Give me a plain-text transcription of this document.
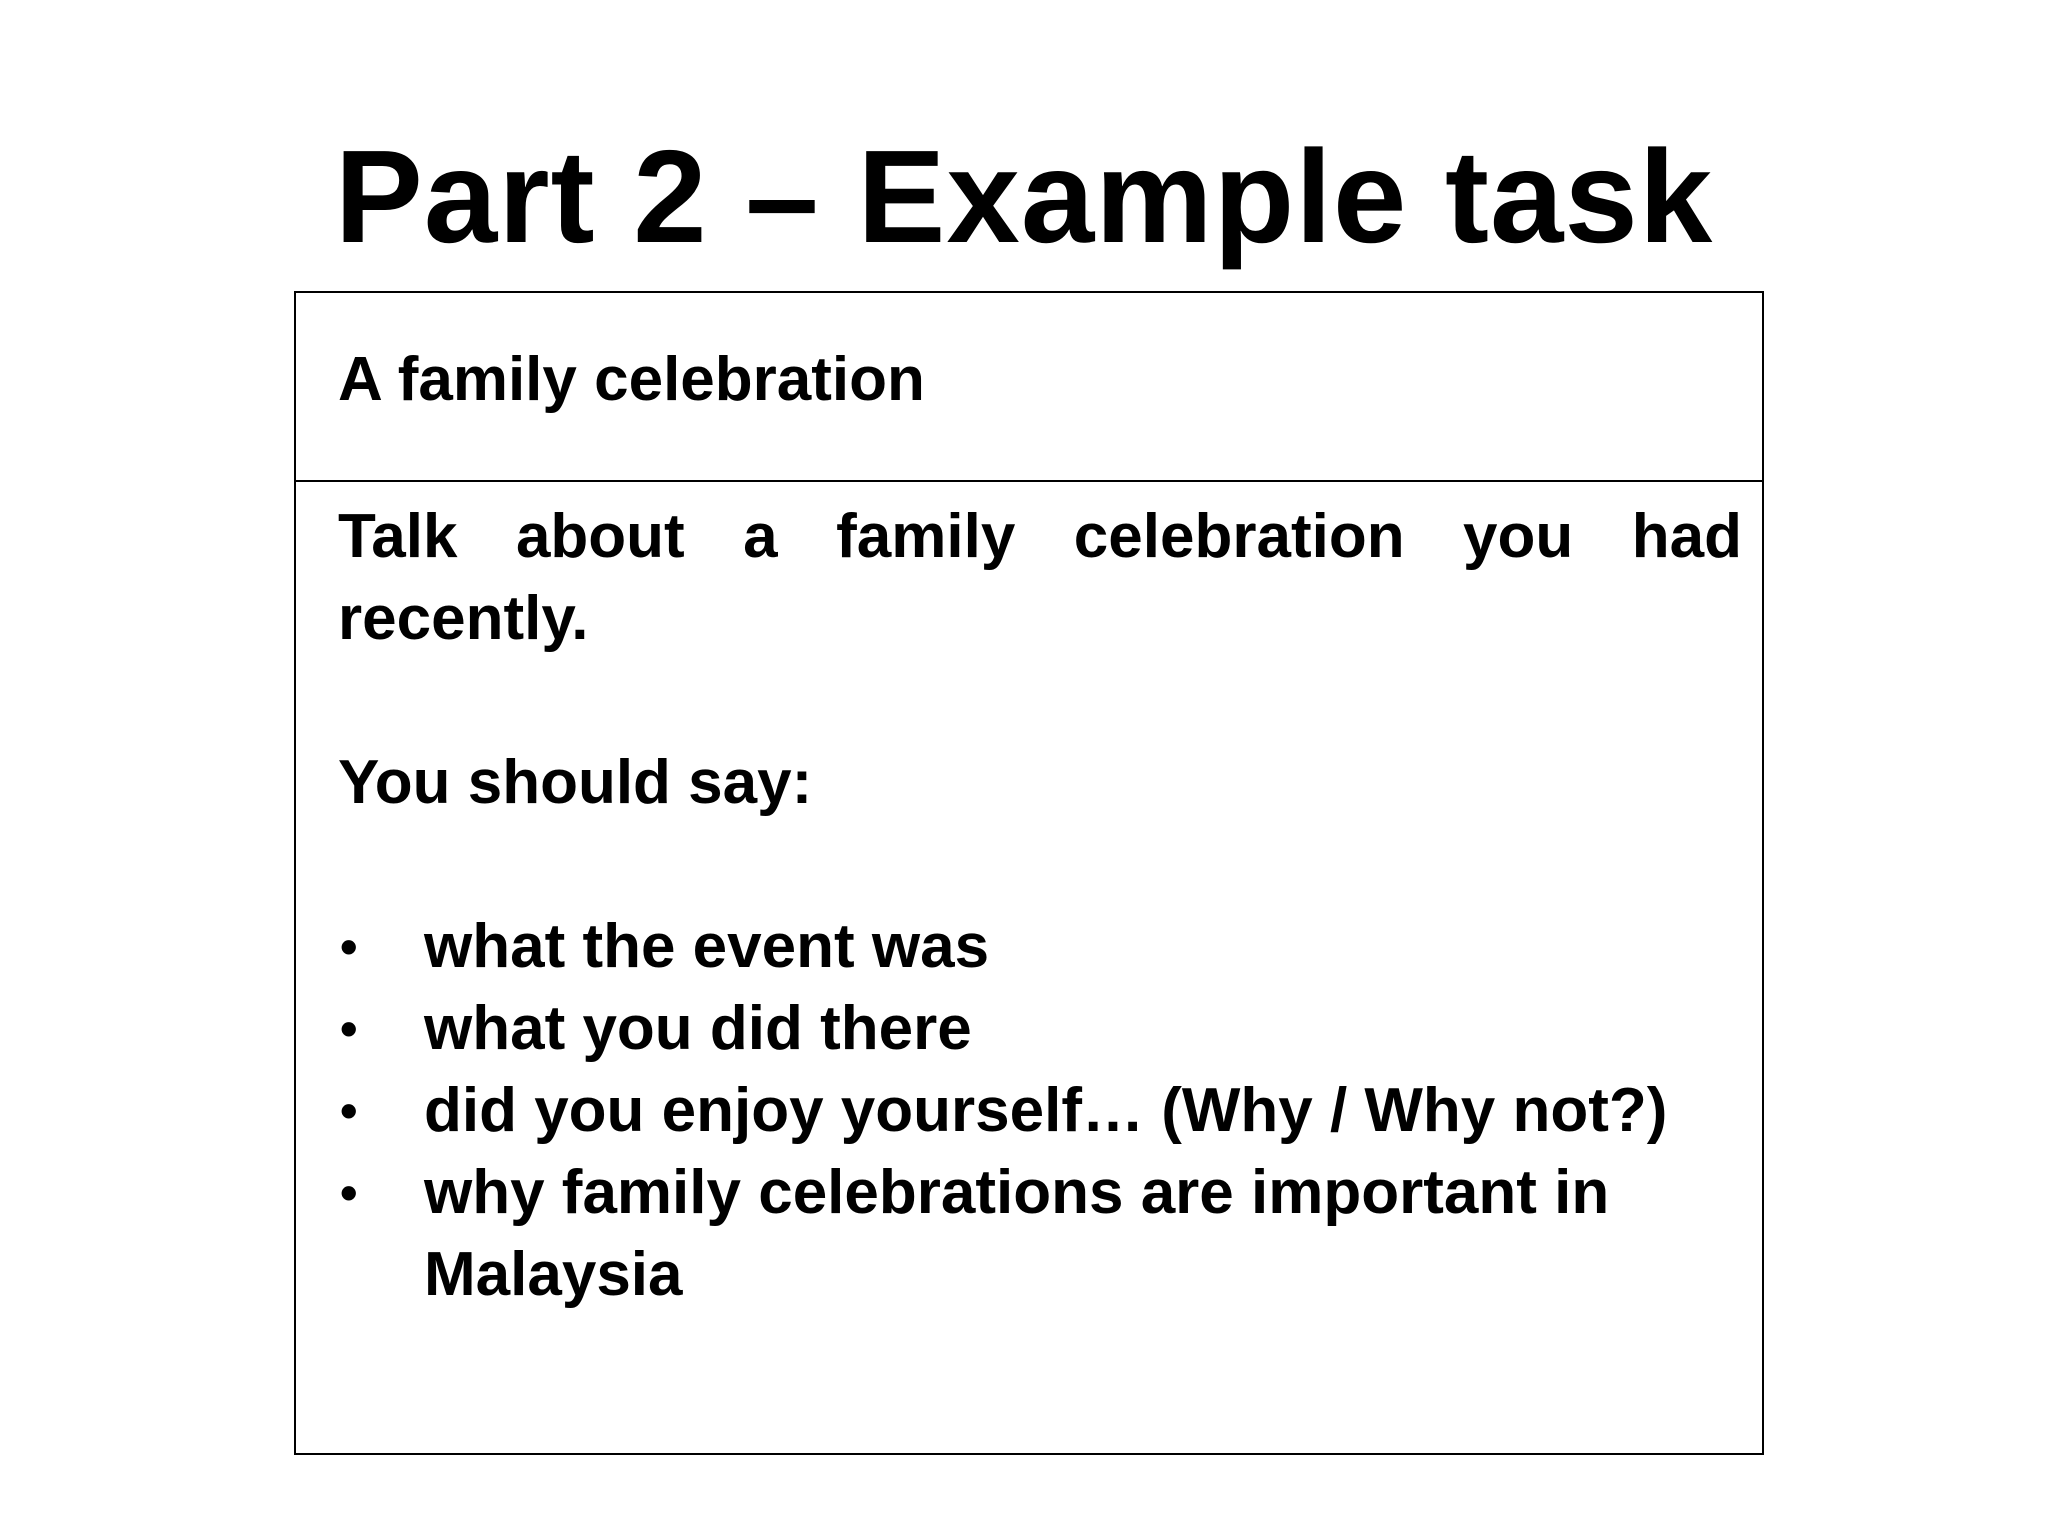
Part 2 – Example task
A family celebration

Talk about a family celebration you had recently.

You should say:

• what the event was
• what you did there
• did you enjoy yourself… (Why / Why not?)
• why family celebrations are important in Malaysia
